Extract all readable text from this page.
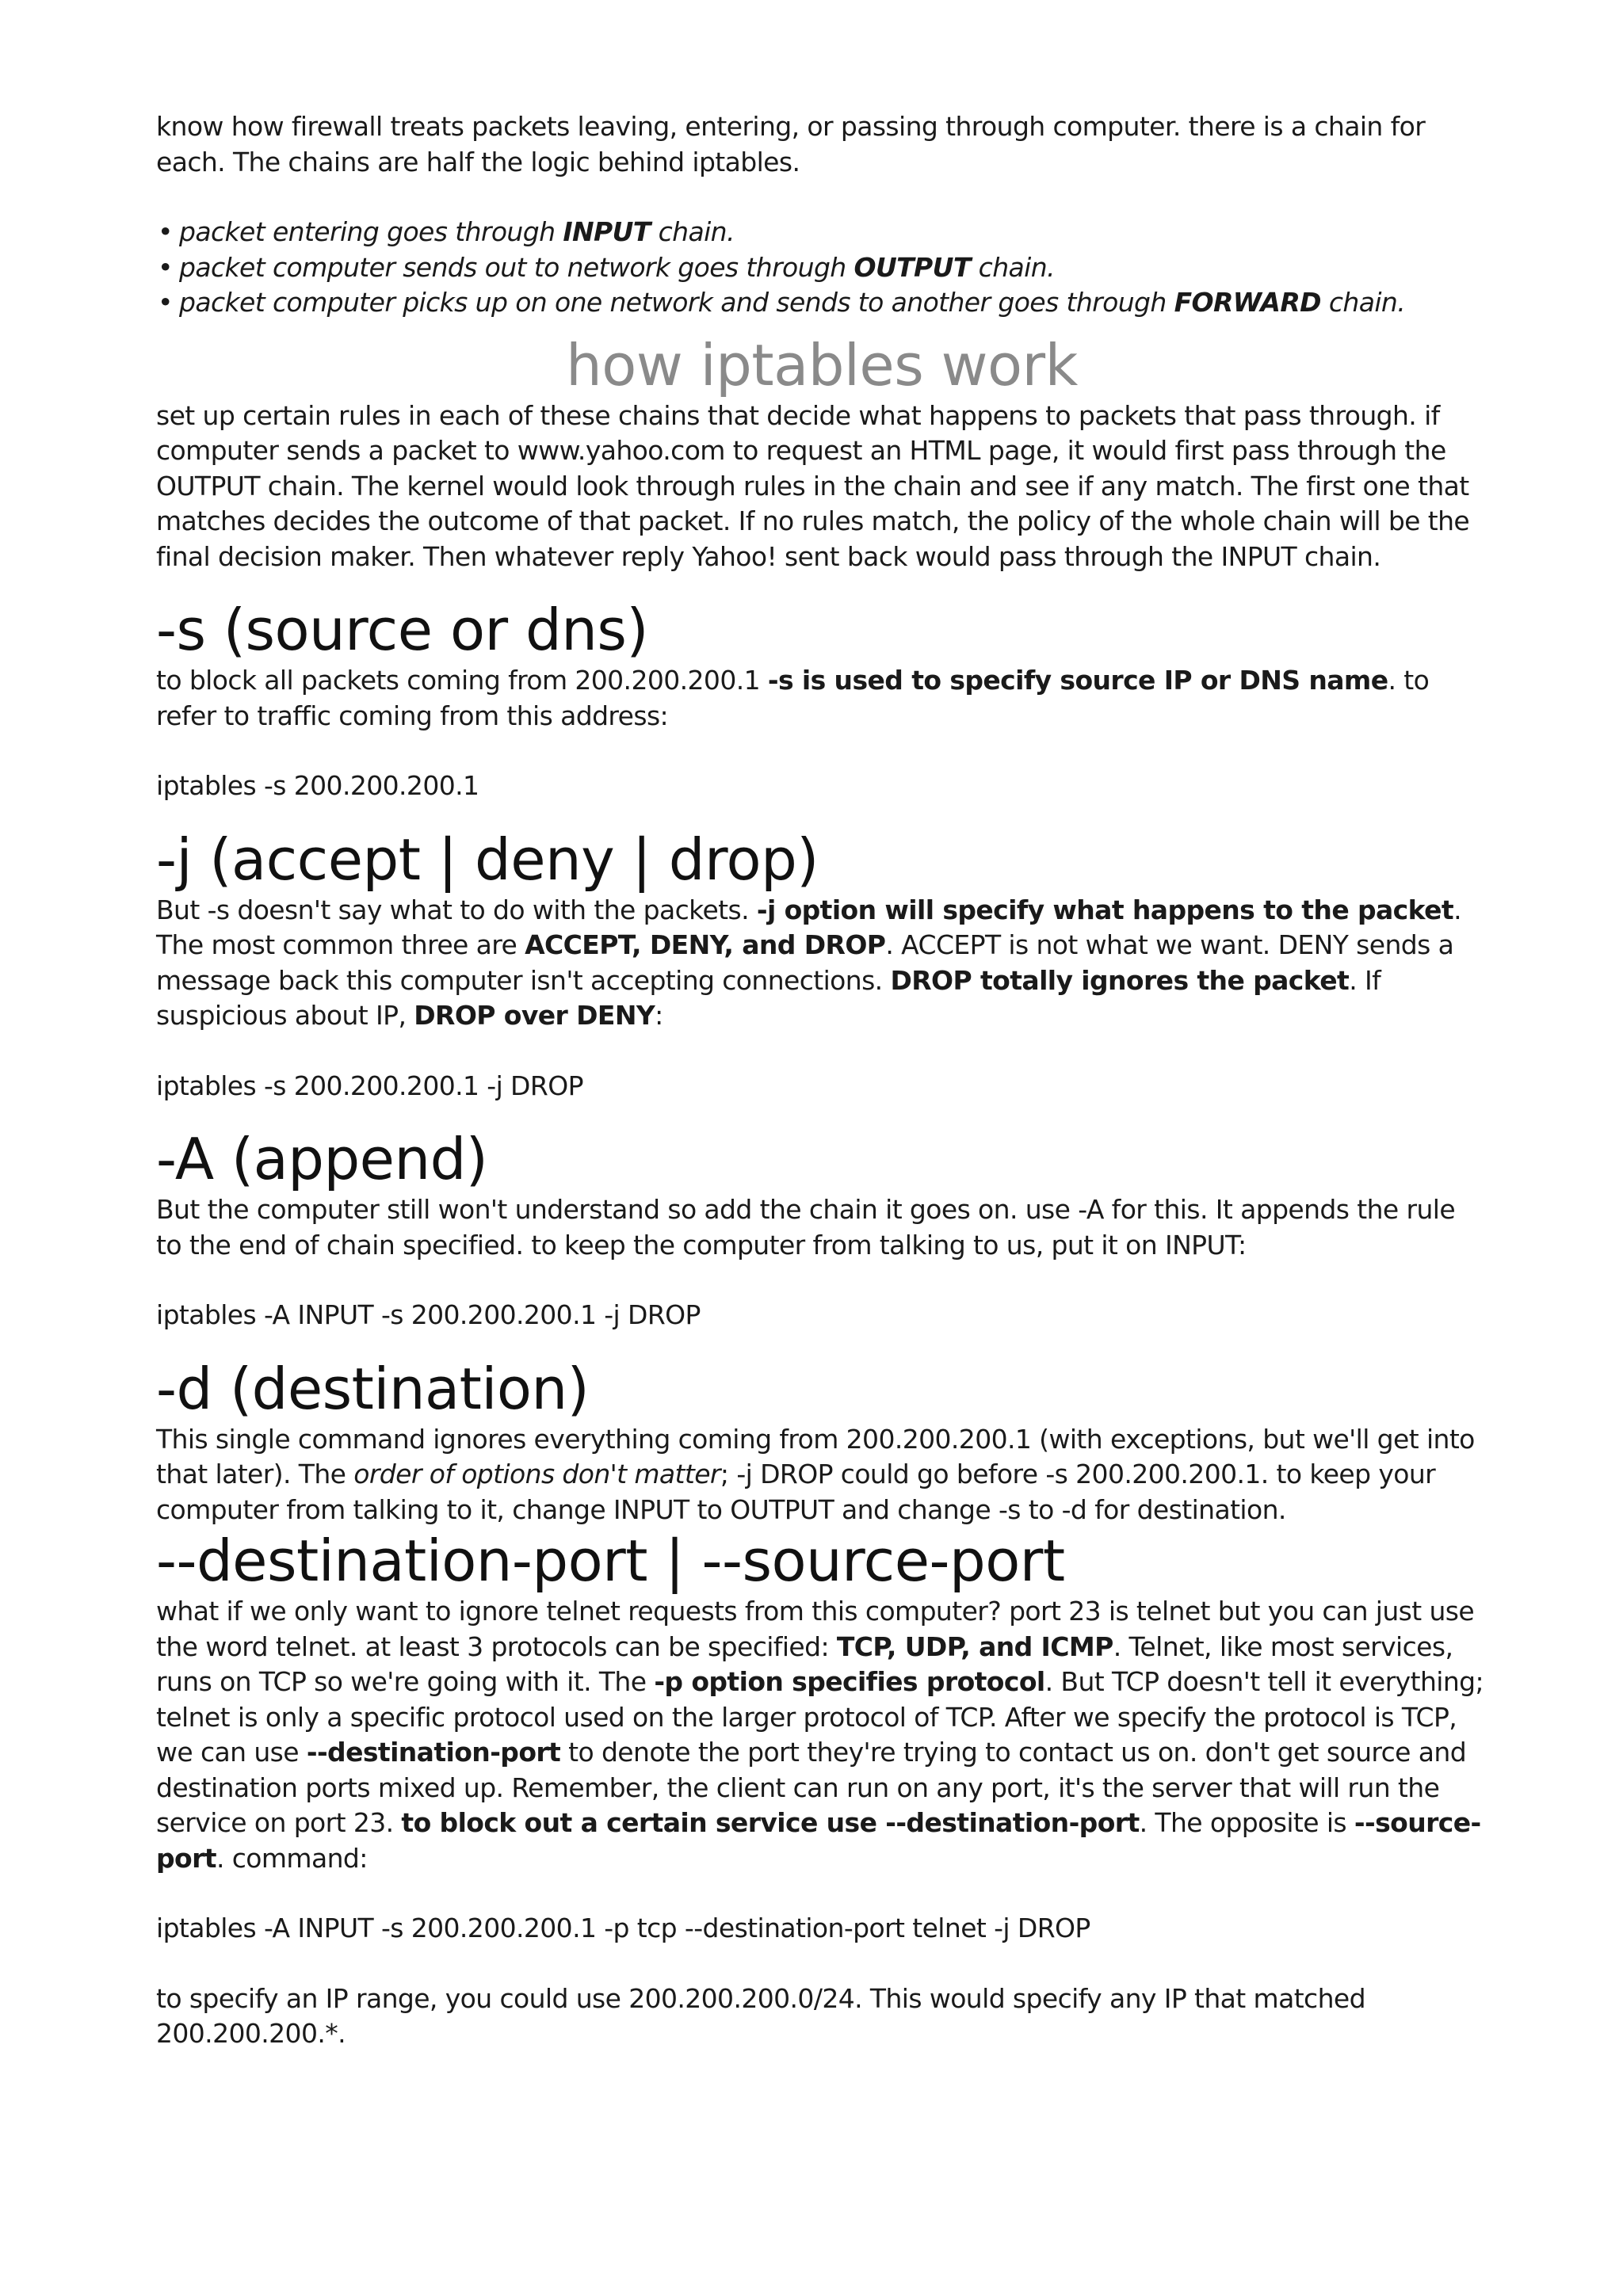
know how firewall treats packets leaving, entering, or passing through computer. there is a chain for each. The chains are half the logic behind iptables.

• packet entering goes through INPUT chain.
• packet computer sends out to network goes through OUTPUT chain.
• packet computer picks up on one network and sends to another goes through FORWARD chain.
how iptables work

set up certain rules in each of these chains that decide what happens to packets that pass through. if computer sends a packet to www.yahoo.com to request an HTML page, it would first pass through the OUTPUT chain. The kernel would look through rules in the chain and see if any match. The first one that matches decides the outcome of that packet. If no rules match, the policy of the whole chain will be the final decision maker. Then whatever reply Yahoo! sent back would pass through the INPUT chain.

-s (source or dns)

to block all packets coming from 200.200.200.1 -s is used to specify source IP or DNS name. to refer to traffic coming from this address:

iptables -s 200.200.200.1
-j (accept | deny | drop)

But -s doesn't say what to do with the packets. -j option will specify what happens to the packet. The most common three are ACCEPT, DENY, and DROP. ACCEPT is not what we want. DENY sends a message back this computer isn't accepting connections. DROP totally ignores the packet. If suspicious about IP, DROP over DENY:

iptables -s 200.200.200.1 -j DROP
-A (append)

But the computer still won't understand so add the chain it goes on. use -A for this. It appends the rule to the end of chain specified. to keep the computer from talking to us, put it on INPUT:

iptables -A INPUT -s 200.200.200.1 -j DROP
-d (destination)

This single command ignores everything coming from 200.200.200.1 (with exceptions, but we'll get into that later). The order of options don't matter; -j DROP could go before -s 200.200.200.1. to keep your computer from talking to it, change INPUT to OUTPUT and change -s to -d for destination.

--destination-port | --source-port

what if we only want to ignore telnet requests from this computer? port 23 is telnet but you can just use the word telnet. at least 3 protocols can be specified: TCP, UDP, and ICMP. Telnet, like most services, runs on TCP so we're going with it. The -p option specifies protocol. But TCP doesn't tell it everything; telnet is only a specific protocol used on the larger protocol of TCP. After we specify the protocol is TCP, we can use --destination-port to denote the port they're trying to contact us on. don't get source and destination ports mixed up. Remember, the client can run on any port, it's the server that will run the service on port 23. to block out a certain service use --destination-port. The opposite is --source-port. command:

iptables -A INPUT -s 200.200.200.1 -p tcp --destination-port telnet -j DROP

to specify an IP range, you could use 200.200.200.0/24. This would specify any IP that matched 200.200.200.*.
